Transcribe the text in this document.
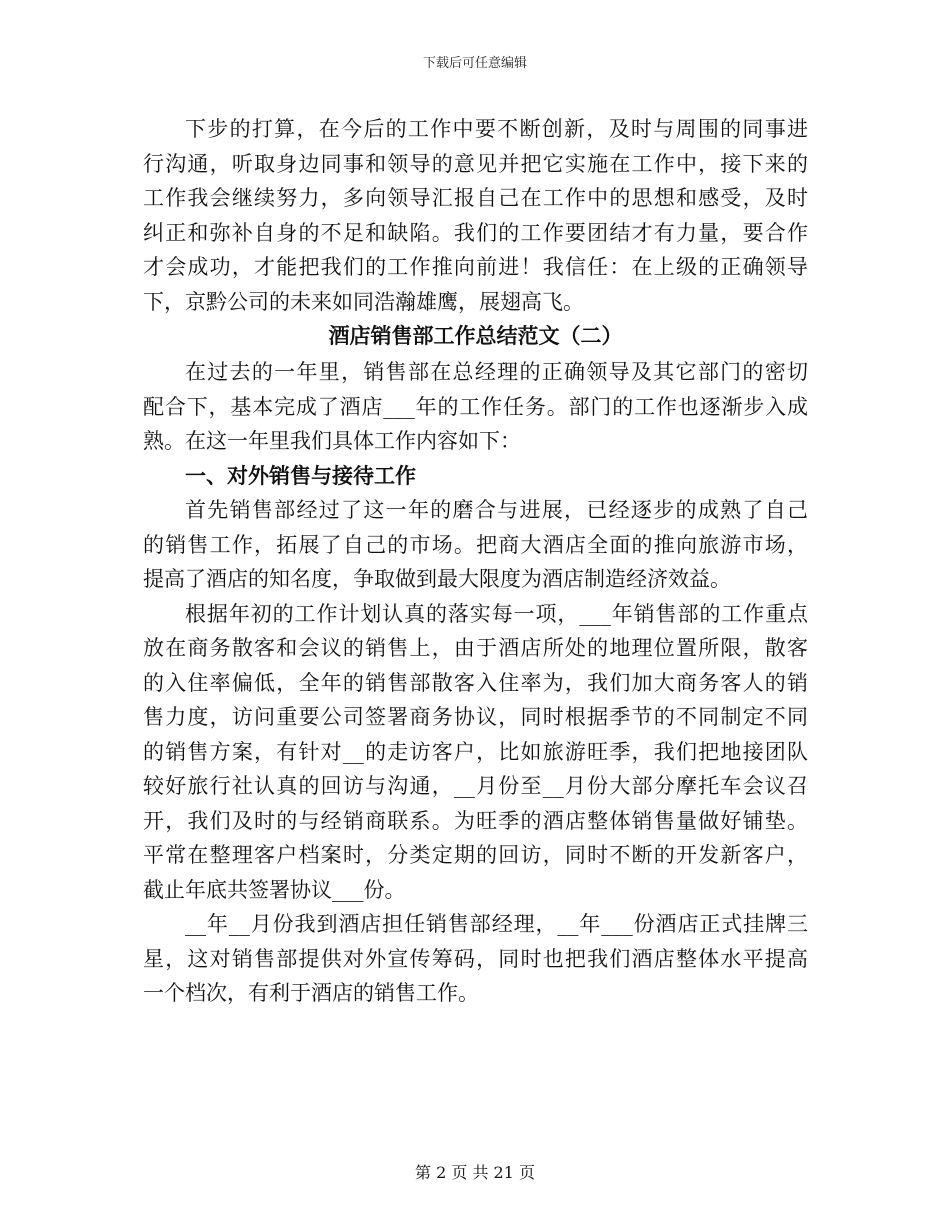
下载后可任意编辑
下步的打算，在今后的工作中要不断创新，及时与周围的同事进
行沟通，听取身边同事和领导的意见并把它实施在工作中，接下来的
工作我会继续努力，多向领导汇报自己在工作中的思想和感受，及时
纠正和弥补自身的不足和缺陷。我们的工作要团结才有力量，要合作
才会成功，才能把我们的工作推向前进！我信任：在上级的正确领导
下，京黔公司的未来如同浩瀚雄鹰，展翅高飞。
酒店销售部工作总结范文（二）
在过去的一年里，销售部在总经理的正确领导及其它部门的密切
配合下，基本完成了酒店___年的工作任务。部门的工作也逐渐步入成
熟。在这一年里我们具体工作内容如下：
一、对外销售与接待工作
首先销售部经过了这一年的磨合与进展，已经逐步的成熟了自己
的销售工作，拓展了自己的市场。把商大酒店全面的推向旅游市场，
提高了酒店的知名度，争取做到最大限度为酒店制造经济效益。
根据年初的工作计划认真的落实每一项，___年销售部的工作重点
放在商务散客和会议的销售上，由于酒店所处的地理位置所限，散客
的入住率偏低，全年的销售部散客入住率为，我们加大商务客人的销
售力度，访问重要公司签署商务协议，同时根据季节的不同制定不同
的销售方案，有针对__的走访客户，比如旅游旺季，我们把地接团队
较好旅行社认真的回访与沟通，__月份至__月份大部分摩托车会议召
开，我们及时的与经销商联系。为旺季的酒店整体销售量做好铺垫。
平常在整理客户档案时，分类定期的回访，同时不断的开发新客户，
截止年底共签署协议___份。
__年__月份我到酒店担任销售部经理，__年___份酒店正式挂牌三
星，这对销售部提供对外宣传筹码，同时也把我们酒店整体水平提高
一个档次，有利于酒店的销售工作。
第 2 页 共 21 页
